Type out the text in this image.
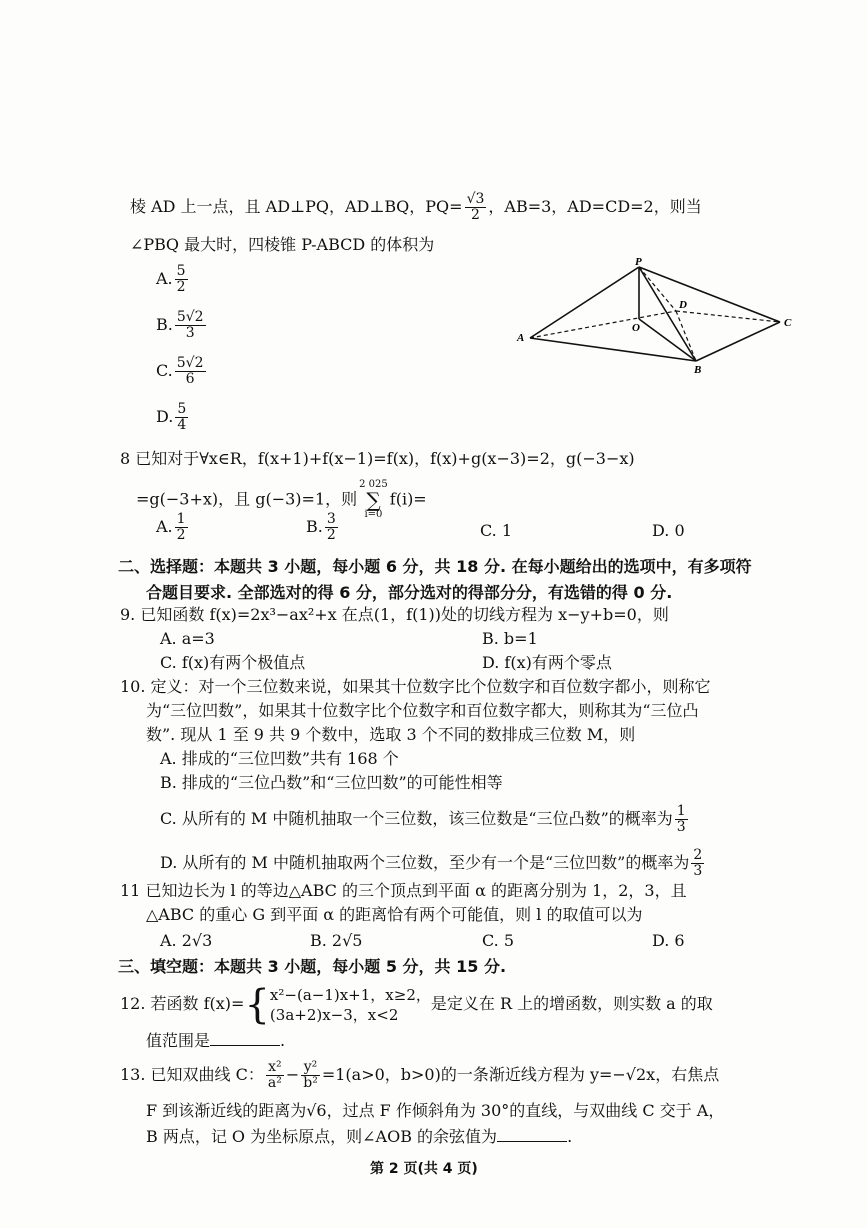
棱 AD 上一点，且 AD⊥PQ，AD⊥BQ，$PQ= \frac{√3}{2}$ ，AB=3，AD=CD=2，则当
∠PBQ 最大时，四棱锥 P-ABCD 的体积为
A. $\frac{5}{2}$
B. $\frac{5√2}{3}$
C. $\frac{5√2}{6}$
D. $\frac{5}{4}$
P
D
O
A
B
C
8 已知对于∀x∈R，f(x+1)+f(x−1)=f(x)，f(x)+g(x−3)=2，g(−3−x)
=g(−3+x)，且 g(−3)=1，则2 025
∑
i=0f(i)=
A. $\frac{1}{2}$	B. $\frac{3}{2}$	C. 1	D. 0
二、选择题：本题共 3 小题，每小题 6 分，共 18 分. 在每小题给出的选项中，有多项符
合题目要求. 全部选对的得 6 分，部分选对的得部分分，有选错的得 0 分.
9. 已知函数 f(x)=2x³−ax²+x 在点(1，f(1))处的切线方程为 x−y+b=0，则
A. a=3	B. b=1
C. f(x)有两个极值点	D. f(x)有两个零点
10. 定义：对一个三位数来说，如果其十位数字比个位数字和百位数字都小，则称它
为“三位凹数”，如果其十位数字比个位数字和百位数字都大，则称其为“三位凸
数”. 现从 1 至 9 共 9 个数中，选取 3 个不同的数排成三位数 M，则
A. 排成的“三位凹数”共有 168 个
B. 排成的“三位凸数”和“三位凹数”的可能性相等
C. 从所有的 M 中随机抽取一个三位数，该三位数是“三位凸数”的概率为 $\frac{1}{3}$
D. 从所有的 M 中随机抽取两个三位数，至少有一个是“三位凹数”的概率为 $\frac{2}{3}$
11 已知边长为 l 的等边△ABC 的三个顶点到平面 α 的距离分别为 1，2，3，且
△ABC 的重心 G 到平面 α 的距离恰有两个可能值，则 l 的取值可以为
A. 2√3	B. 2√5	C. 5	D. 6
三、填空题：本题共 3 小题，每小题 5 分，共 15 分.
12. 若函数 f(x)={ x²−(a−1)x+1，x≥2，
(3a+2)x−3，x<2
是定义在 R 上的增函数，则实数 a 的取
值范围是	.
13. 已知双曲线 C： $\frac{\text{x²}}{\text{a²}} - \frac{\text{y²}}{\text{b²}} =1(a>0$，b>0)的一条渐近线方程为 y=−√2x，右焦点
F 到该渐近线的距离为√6，过点 F 作倾斜角为 30°的直线，与双曲线 C 交于 A，
B 两点，记 O 为坐标原点，则∠AOB 的余弦值为	.
第 2 页(共 4 页)
